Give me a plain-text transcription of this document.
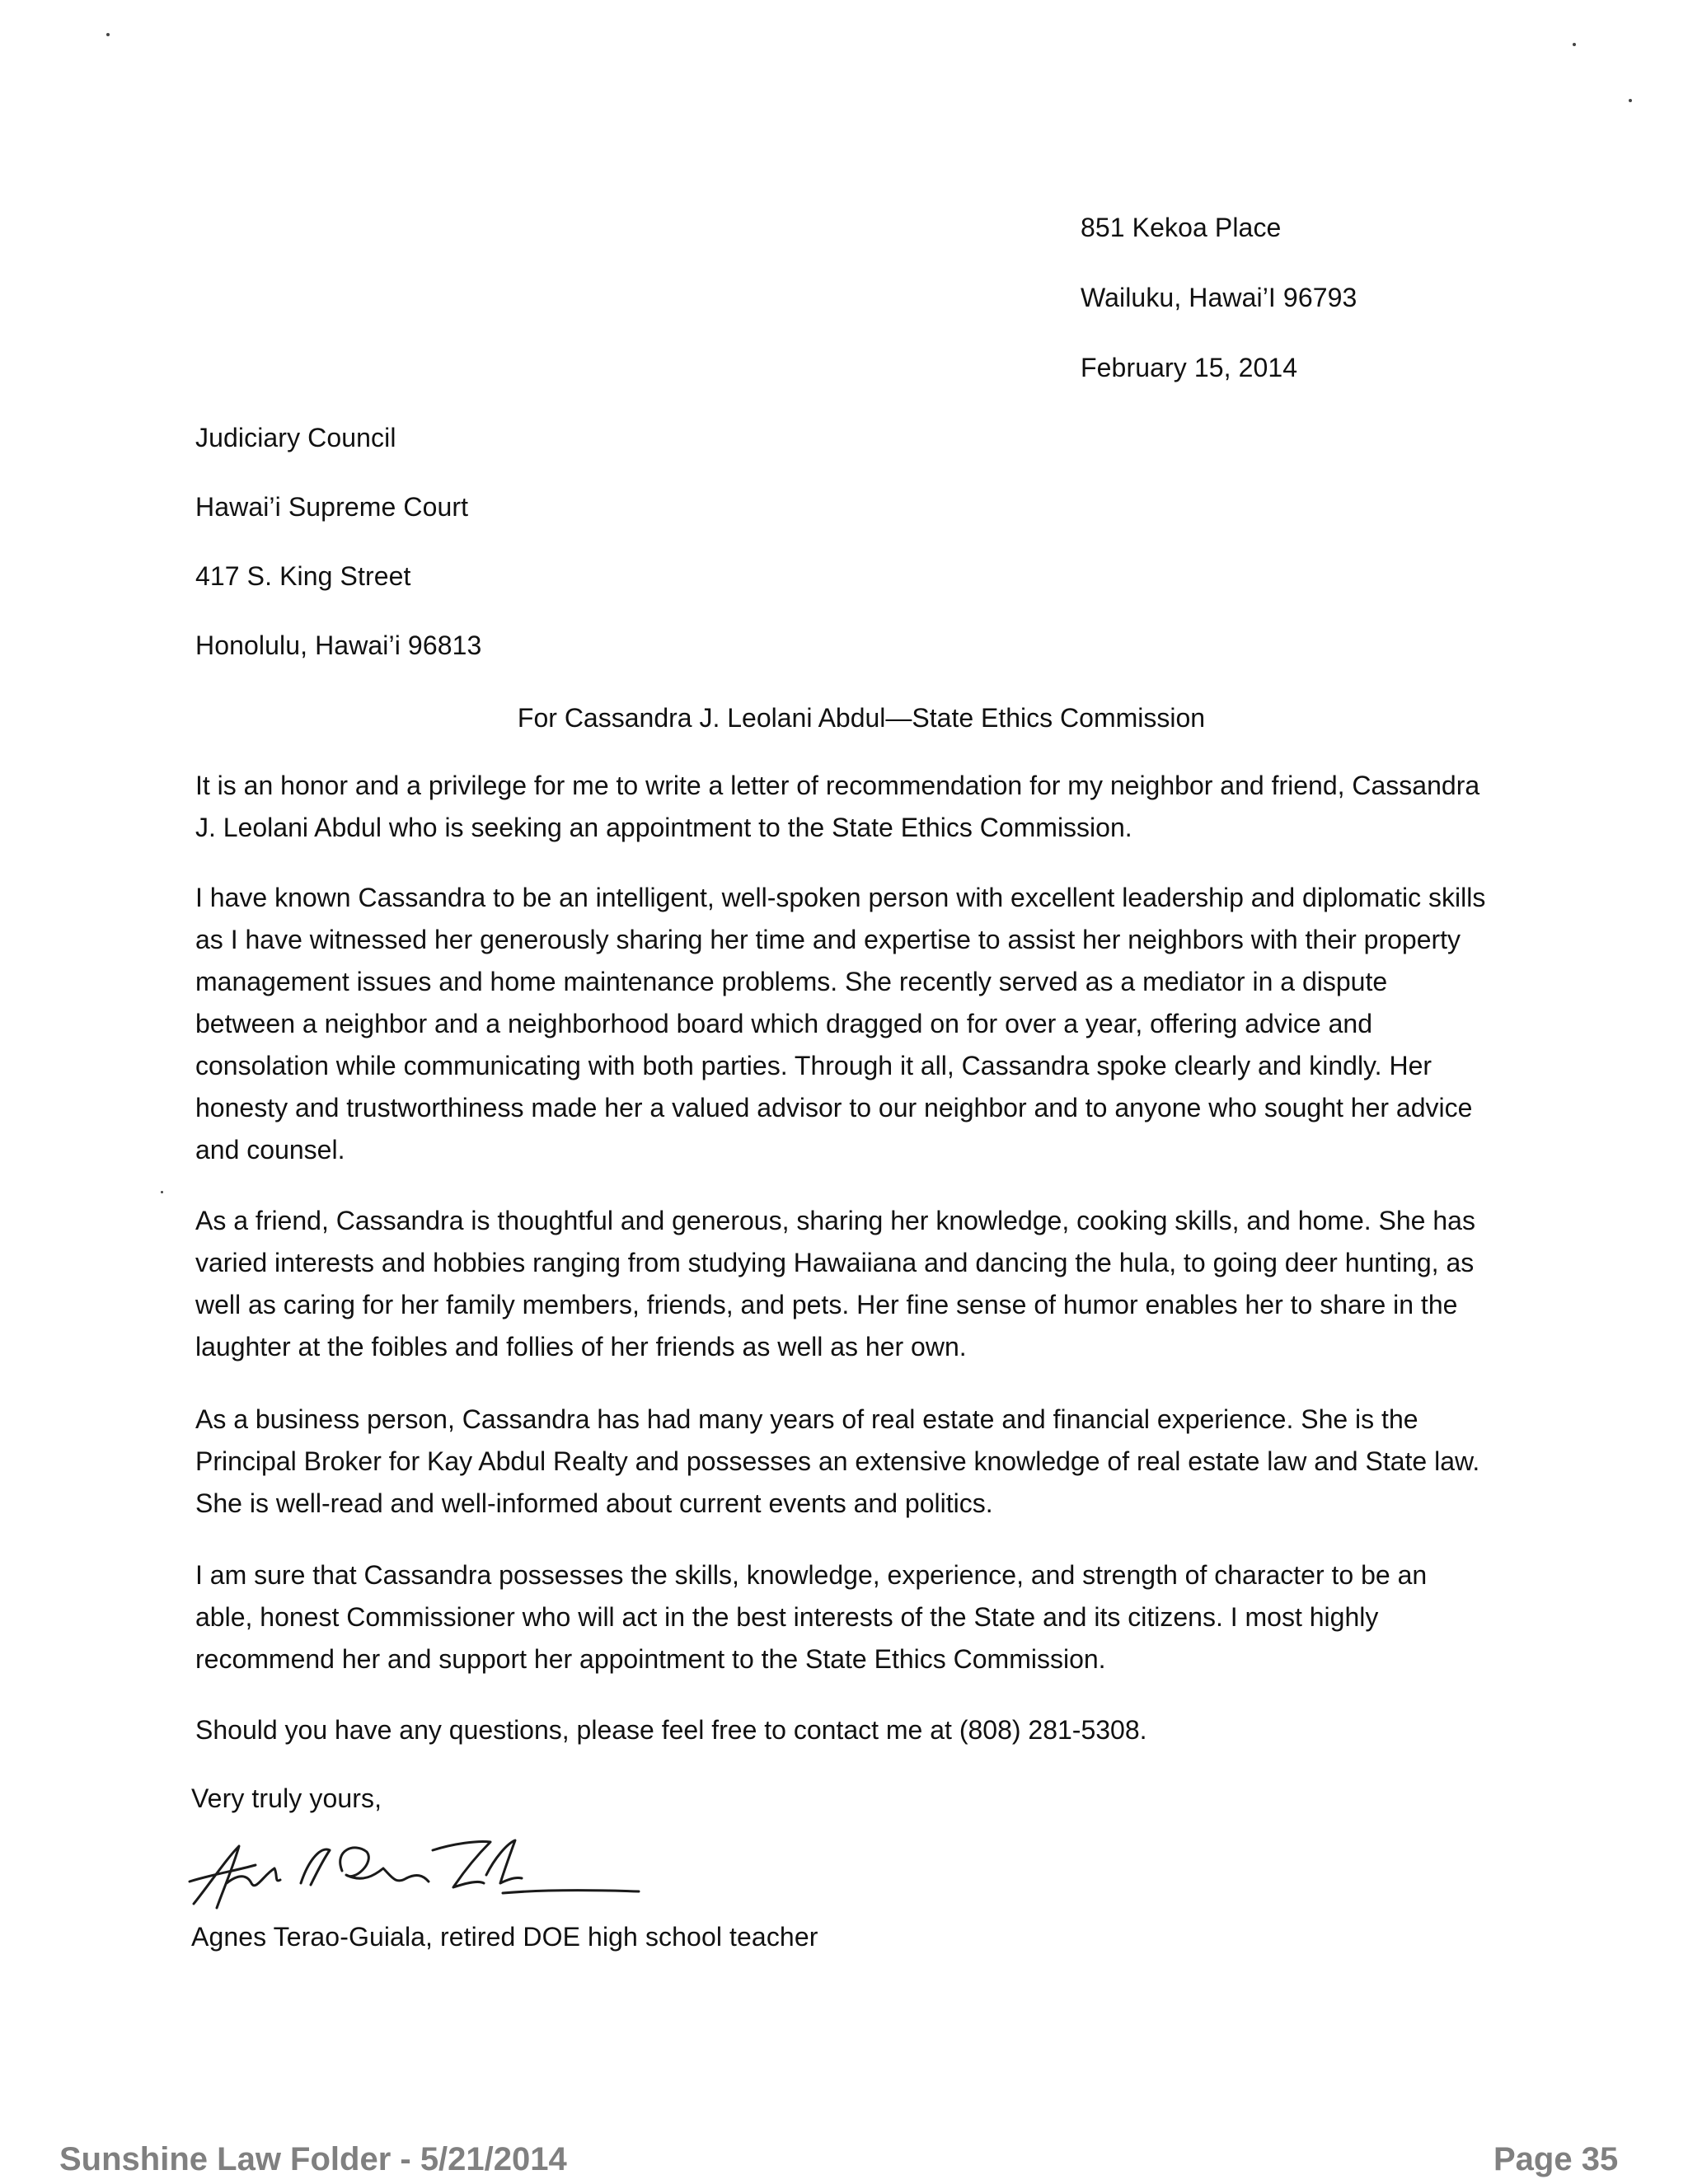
851 Kekoa Place
Wailuku, Hawai’I 96793
February 15, 2014
Judiciary Council
Hawai’i Supreme Court
417 S. King Street
Honolulu, Hawai’i 96813
For Cassandra J. Leolani Abdul—State Ethics Commission
It is an honor and a privilege for me to write a letter of recommendation for my neighbor and friend, Cassandra J. Leolani Abdul who is seeking an appointment to the State Ethics Commission.
I have known Cassandra to be an intelligent, well-spoken person with excellent leadership and diplomatic skills as I have witnessed her generously sharing her time and expertise to assist her neighbors with their property management issues and home maintenance problems. She recently served as a mediator in a dispute between a neighbor and a neighborhood board which dragged on for over a year, offering advice and consolation while communicating with both parties. Through it all, Cassandra spoke clearly and kindly. Her honesty and trustworthiness made her a valued advisor to our neighbor and to anyone who sought her advice and counsel.
As a friend, Cassandra is thoughtful and generous, sharing her knowledge, cooking skills, and home. She has varied interests and hobbies ranging from studying Hawaiiana and dancing the hula, to going deer hunting, as well as caring for her family members, friends, and pets. Her fine sense of humor enables her to share in the laughter at the foibles and follies of her friends as well as her own.
As a business person, Cassandra has had many years of real estate and financial experience. She is the Principal Broker for Kay Abdul Realty and possesses an extensive knowledge of real estate law and State law. She is well-read and well-informed about current events and politics.
I am sure that Cassandra possesses the skills, knowledge, experience, and strength of character to be an able, honest Commissioner who will act in the best interests of the State and its citizens. I most highly recommend her and support her appointment to the State Ethics Commission.
Should you have any questions, please feel free to contact me at (808) 281-5308.
Very truly yours,
Agnes Terao-Guiala, retired DOE high school teacher
Sunshine Law Folder - 5/21/2014	Page 35
